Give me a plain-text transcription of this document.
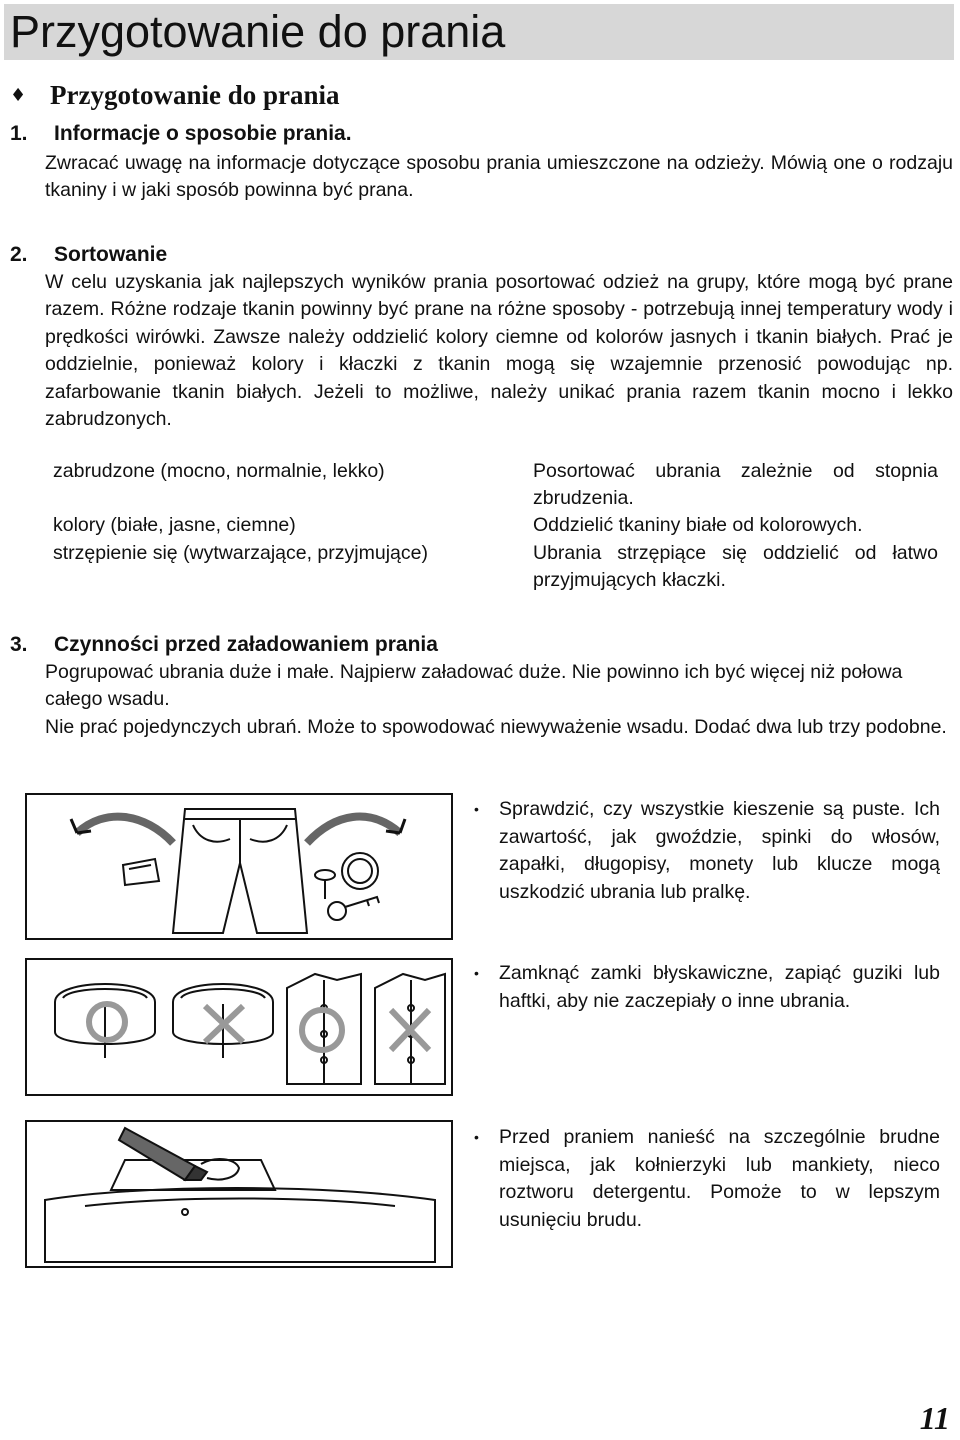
Przygotowanie do prania
♦ Przygotowanie do prania
1. Informacje o sposobie prania.

Zwracać uwagę na informacje dotyczące sposobu prania umieszczone na odzieży. Mówią one o rodzaju tkaniny i w jaki sposób powinna być prana.

2. Sortowanie

W celu uzyskania jak najlepszych wyników prania posortować odzież na grupy, które mogą być prane razem. Różne rodzaje tkanin powinny być prane na różne sposoby - potrzebują innej temperatury wody i prędkości wirówki. Zawsze należy oddzielić kolory ciemne od kolorów jasnych i tkanin białych. Prać je oddzielnie, ponieważ kolory i kłaczki z tkanin mogą się wzajemnie przenosić powodując np. zafarbowanie tkanin białych. Jeżeli to możliwe, należy unikać prania razem tkanin mocno i lekko zabrudzonych.

zabrudzone (mocno, normalnie, lekko)	Posortować ubrania zależnie od stopnia zbrudzenia.
kolory (białe, jasne, ciemne)	Oddzielić tkaniny białe od kolorowych.
strzępienie się (wytwarzające, przyjmujące)	Ubrania strzępiące się oddzielić od łatwo przyjmujących kłaczki.
3. Czynności przed załadowaniem prania

Pogrupować ubrania duże i małe. Najpierw załadować duże. Nie powinno ich być więcej niż połowa całego wsadu.

Nie prać pojedynczych ubrań. Może to spowodować niewyważenie wsadu. Dodać dwa lub trzy podobne.

• Sprawdzić, czy wszystkie kieszenie są puste. Ich zawartość, jak gwoździe, spinki do włosów, zapałki, długopisy, monety lub klucze mogą uszkodzić ubrania lub pralkę.
• Zamknąć zamki błyskawiczne, zapiąć guziki lub haftki, aby nie zaczepiały o inne ubrania.
• Przed praniem nanieść na szczególnie brudne miejsca, jak kołnierzyki lub mankiety, nieco roztworu detergentu. Pomoże to w lepszym usunięciu brudu.
11
